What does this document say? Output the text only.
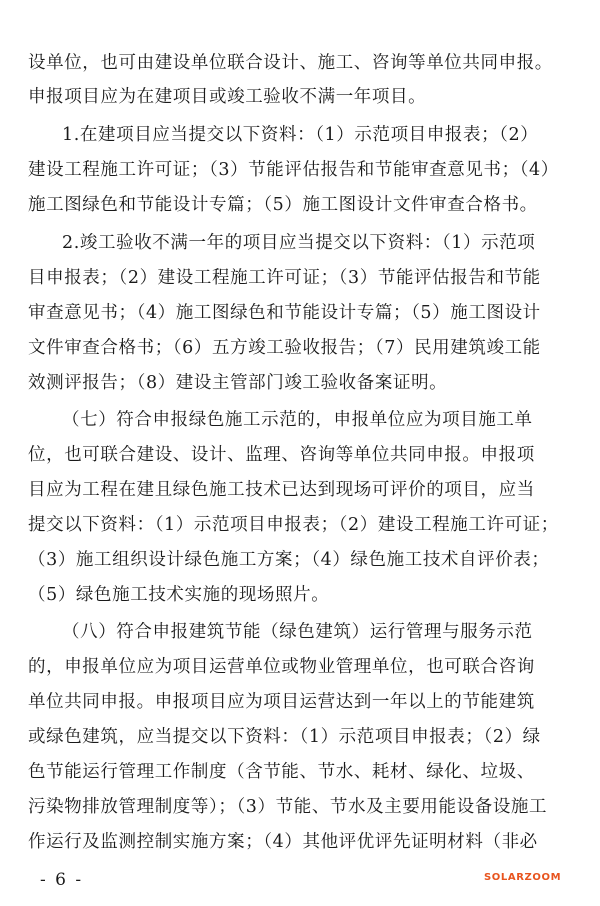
设单位，也可由建设单位联合设计、施工、咨询等单位共同申报。
申报项目应为在建项目或竣工验收不满一年项目。
1.在建项目应当提交以下资料：（1）示范项目申报表；（2）
建设工程施工许可证；（3）节能评估报告和节能审查意见书；（4）
施工图绿色和节能设计专篇；（5）施工图设计文件审查合格书。
2.竣工验收不满一年的项目应当提交以下资料：（1）示范项
目申报表；（2）建设工程施工许可证；（3）节能评估报告和节能
审查意见书；（4）施工图绿色和节能设计专篇；（5）施工图设计
文件审查合格书；（6）五方竣工验收报告；（7）民用建筑竣工能
效测评报告；（8）建设主管部门竣工验收备案证明。
（七）符合申报绿色施工示范的，申报单位应为项目施工单
位，也可联合建设、设计、监理、咨询等单位共同申报。申报项
目应为工程在建且绿色施工技术已达到现场可评价的项目，应当
提交以下资料：（1）示范项目申报表；（2）建设工程施工许可证；
（3）施工组织设计绿色施工方案；（4）绿色施工技术自评价表；
（5）绿色施工技术实施的现场照片。
（八）符合申报建筑节能（绿色建筑）运行管理与服务示范
的，申报单位应为项目运营单位或物业管理单位，也可联合咨询
单位共同申报。申报项目应为项目运营达到一年以上的节能建筑
或绿色建筑，应当提交以下资料：（1）示范项目申报表；（2）绿
色节能运行管理工作制度（含节能、节水、耗材、绿化、垃圾、
污染物排放管理制度等）；（3）节能、节水及主要用能设备设施工
作运行及监测控制实施方案；（4）其他评优评先证明材料（非必
- 6 -	SOLARZOOM
